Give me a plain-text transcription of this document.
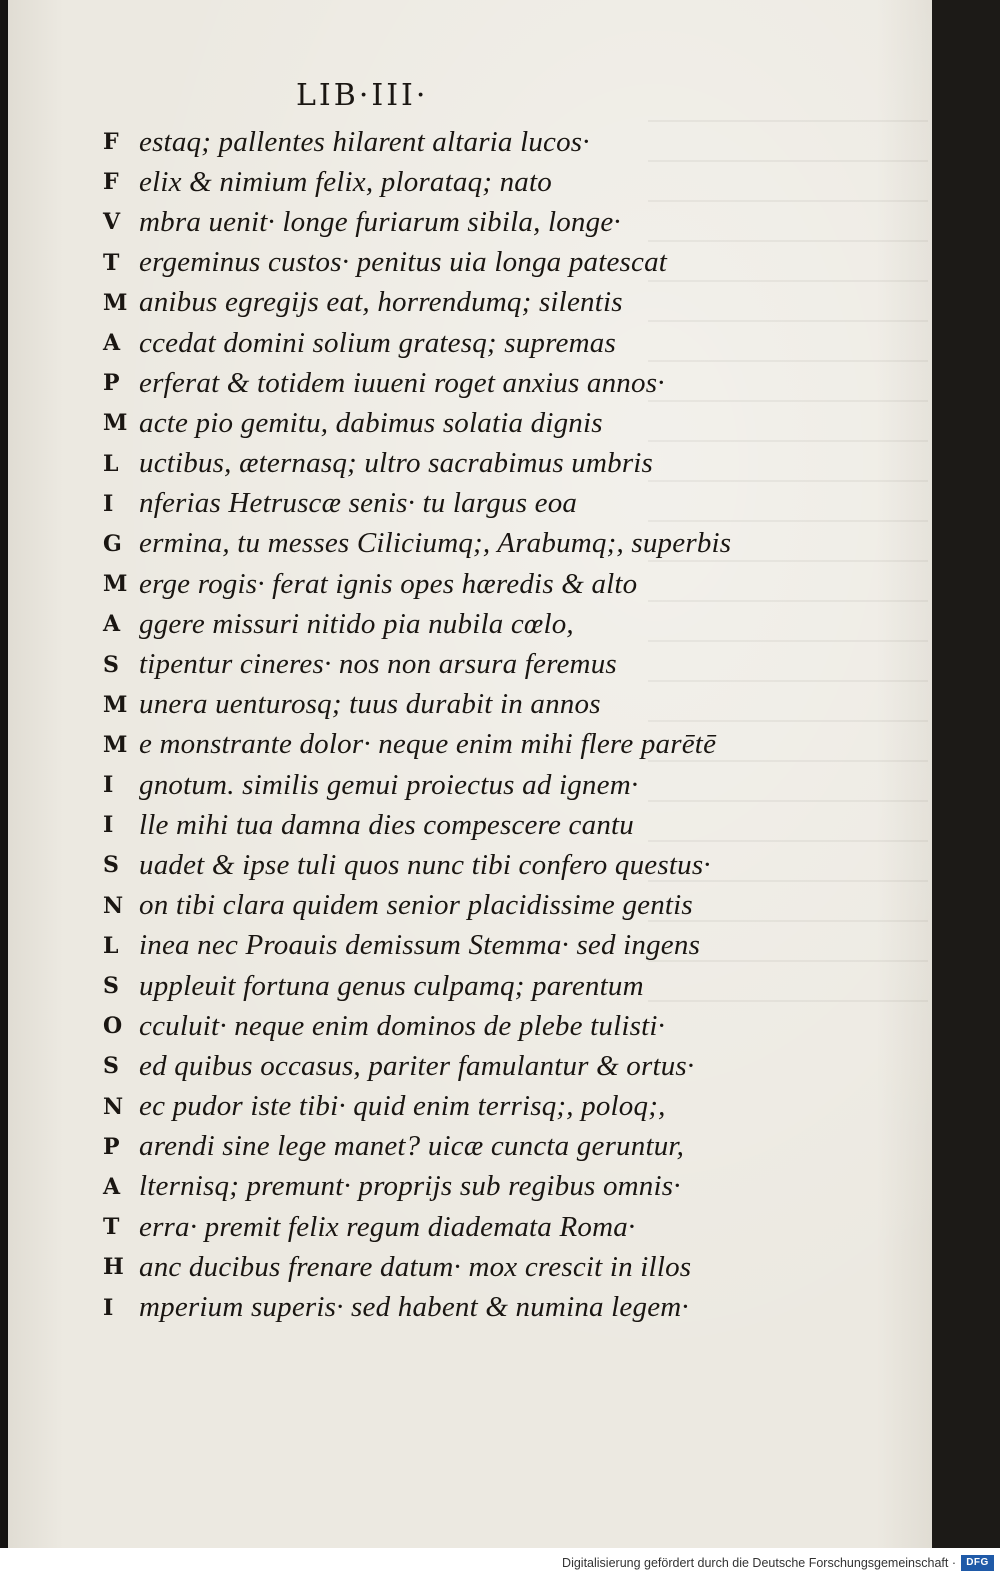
LIB·III·
F estaq; pallentes hilarent altaria lucos·
F elix & nimium felix, plorataq; nato
V mbra uenit· longe furiarum sibila, longe·
T ergeminus custos· penitus uia longa patescat
M anibus egregijs eat, horrendumq; silentis
A ccedat domini solium gratesq; supremas
P erferat & totidem iuueni roget anxius annos·
M acte pio gemitu, dabimus solatia dignis
L uctibus, æternasq; ultro sacrabimus umbris
I nferias Hetruscæ senis· tu largus eoa
G ermina, tu messes Ciliciumq;, Arabumq;, superbis
M erge rogis· ferat ignis opes hæredis & alto
A ggere missuri nitido pia nubila cœlo,
S tipentur cineres· nos non arsura feremus
M unera uenturosq; tuus durabit in annos
M e monstrante dolor· neque enim mihi flere parētē
I gnotum. similis gemui proiectus ad ignem·
I lle mihi tua damna dies compescere cantu
S uadet & ipse tuli quos nunc tibi confero questus·
N on tibi clara quidem senior placidissime gentis
L inea nec Proauis demissum Stemma· sed ingens
S uppleuit fortuna genus culpamq; parentum
O cculuit· neque enim dominos de plebe tulisti·
S ed quibus occasus, pariter famulantur & ortus·
N ec pudor iste tibi· quid enim terrisq;, poloq;,
P arendi sine lege manet? uicæ cuncta geruntur,
A lternisq; premunt· proprijs sub regibus omnis·
T erra· premit felix regum diademata Roma·
H anc ducibus frenare datum· mox crescit in illos
I mperium superis· sed habent & numina legem·
Digitalisierung gefördert durch die Deutsche Forschungsgemeinschaft ·	DFG
